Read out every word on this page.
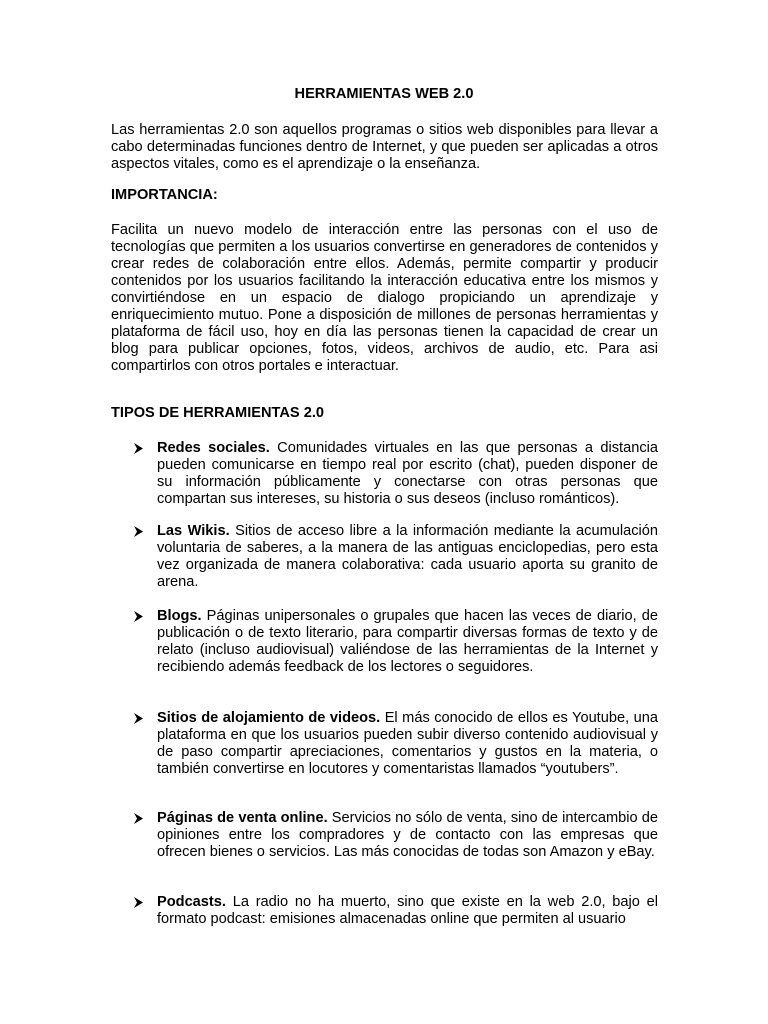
HERRAMIENTAS WEB 2.0

Las herramientas 2.0 son aquellos programas o sitios web disponibles para llevar a cabo determinadas funciones dentro de Internet, y que pueden ser aplicadas a otros aspectos vitales, como es el aprendizaje o la enseñanza.

IMPORTANCIA:

Facilita un nuevo modelo de interacción entre las personas con el uso de tecnologías que permiten a los usuarios convertirse en generadores de contenidos y crear redes de colaboración entre ellos. Además, permite compartir y producir contenidos por los usuarios facilitando la interacción educativa entre los mismos y convirtiéndose en un espacio de dialogo propiciando un aprendizaje y enriquecimiento mutuo. Pone a disposición de millones de personas herramientas y plataforma de fácil uso, hoy en día las personas tienen la capacidad de crear un blog para publicar opciones, fotos, videos, archivos de audio, etc. Para asi compartirlos con otros portales e interactuar.

TIPOS DE HERRAMIENTAS 2.0
Redes sociales. Comunidades virtuales en las que personas a distancia pueden comunicarse en tiempo real por escrito (chat), pueden disponer de su información públicamente y conectarse con otras personas que compartan sus intereses, su historia o sus deseos (incluso románticos).
Las Wikis. Sitios de acceso libre a la información mediante la acumulación voluntaria de saberes, a la manera de las antiguas enciclopedias, pero esta vez organizada de manera colaborativa: cada usuario aporta su granito de arena.
Blogs. Páginas unipersonales o grupales que hacen las veces de diario, de publicación o de texto literario, para compartir diversas formas de texto y de relato (incluso audiovisual) valiéndose de las herramientas de la Internet y recibiendo además feedback de los lectores o seguidores.
Sitios de alojamiento de videos. El más conocido de ellos es Youtube, una plataforma en que los usuarios pueden subir diverso contenido audiovisual y de paso compartir apreciaciones, comentarios y gustos en la materia, o también convertirse en locutores y comentaristas llamados “youtubers”.
Páginas de venta online. Servicios no sólo de venta, sino de intercambio de opiniones entre los compradores y de contacto con las empresas que ofrecen bienes o servicios. Las más conocidas de todas son Amazon y eBay.
Podcasts. La radio no ha muerto, sino que existe en la web 2.0, bajo el formato podcast: emisiones almacenadas online que permiten al usuario
